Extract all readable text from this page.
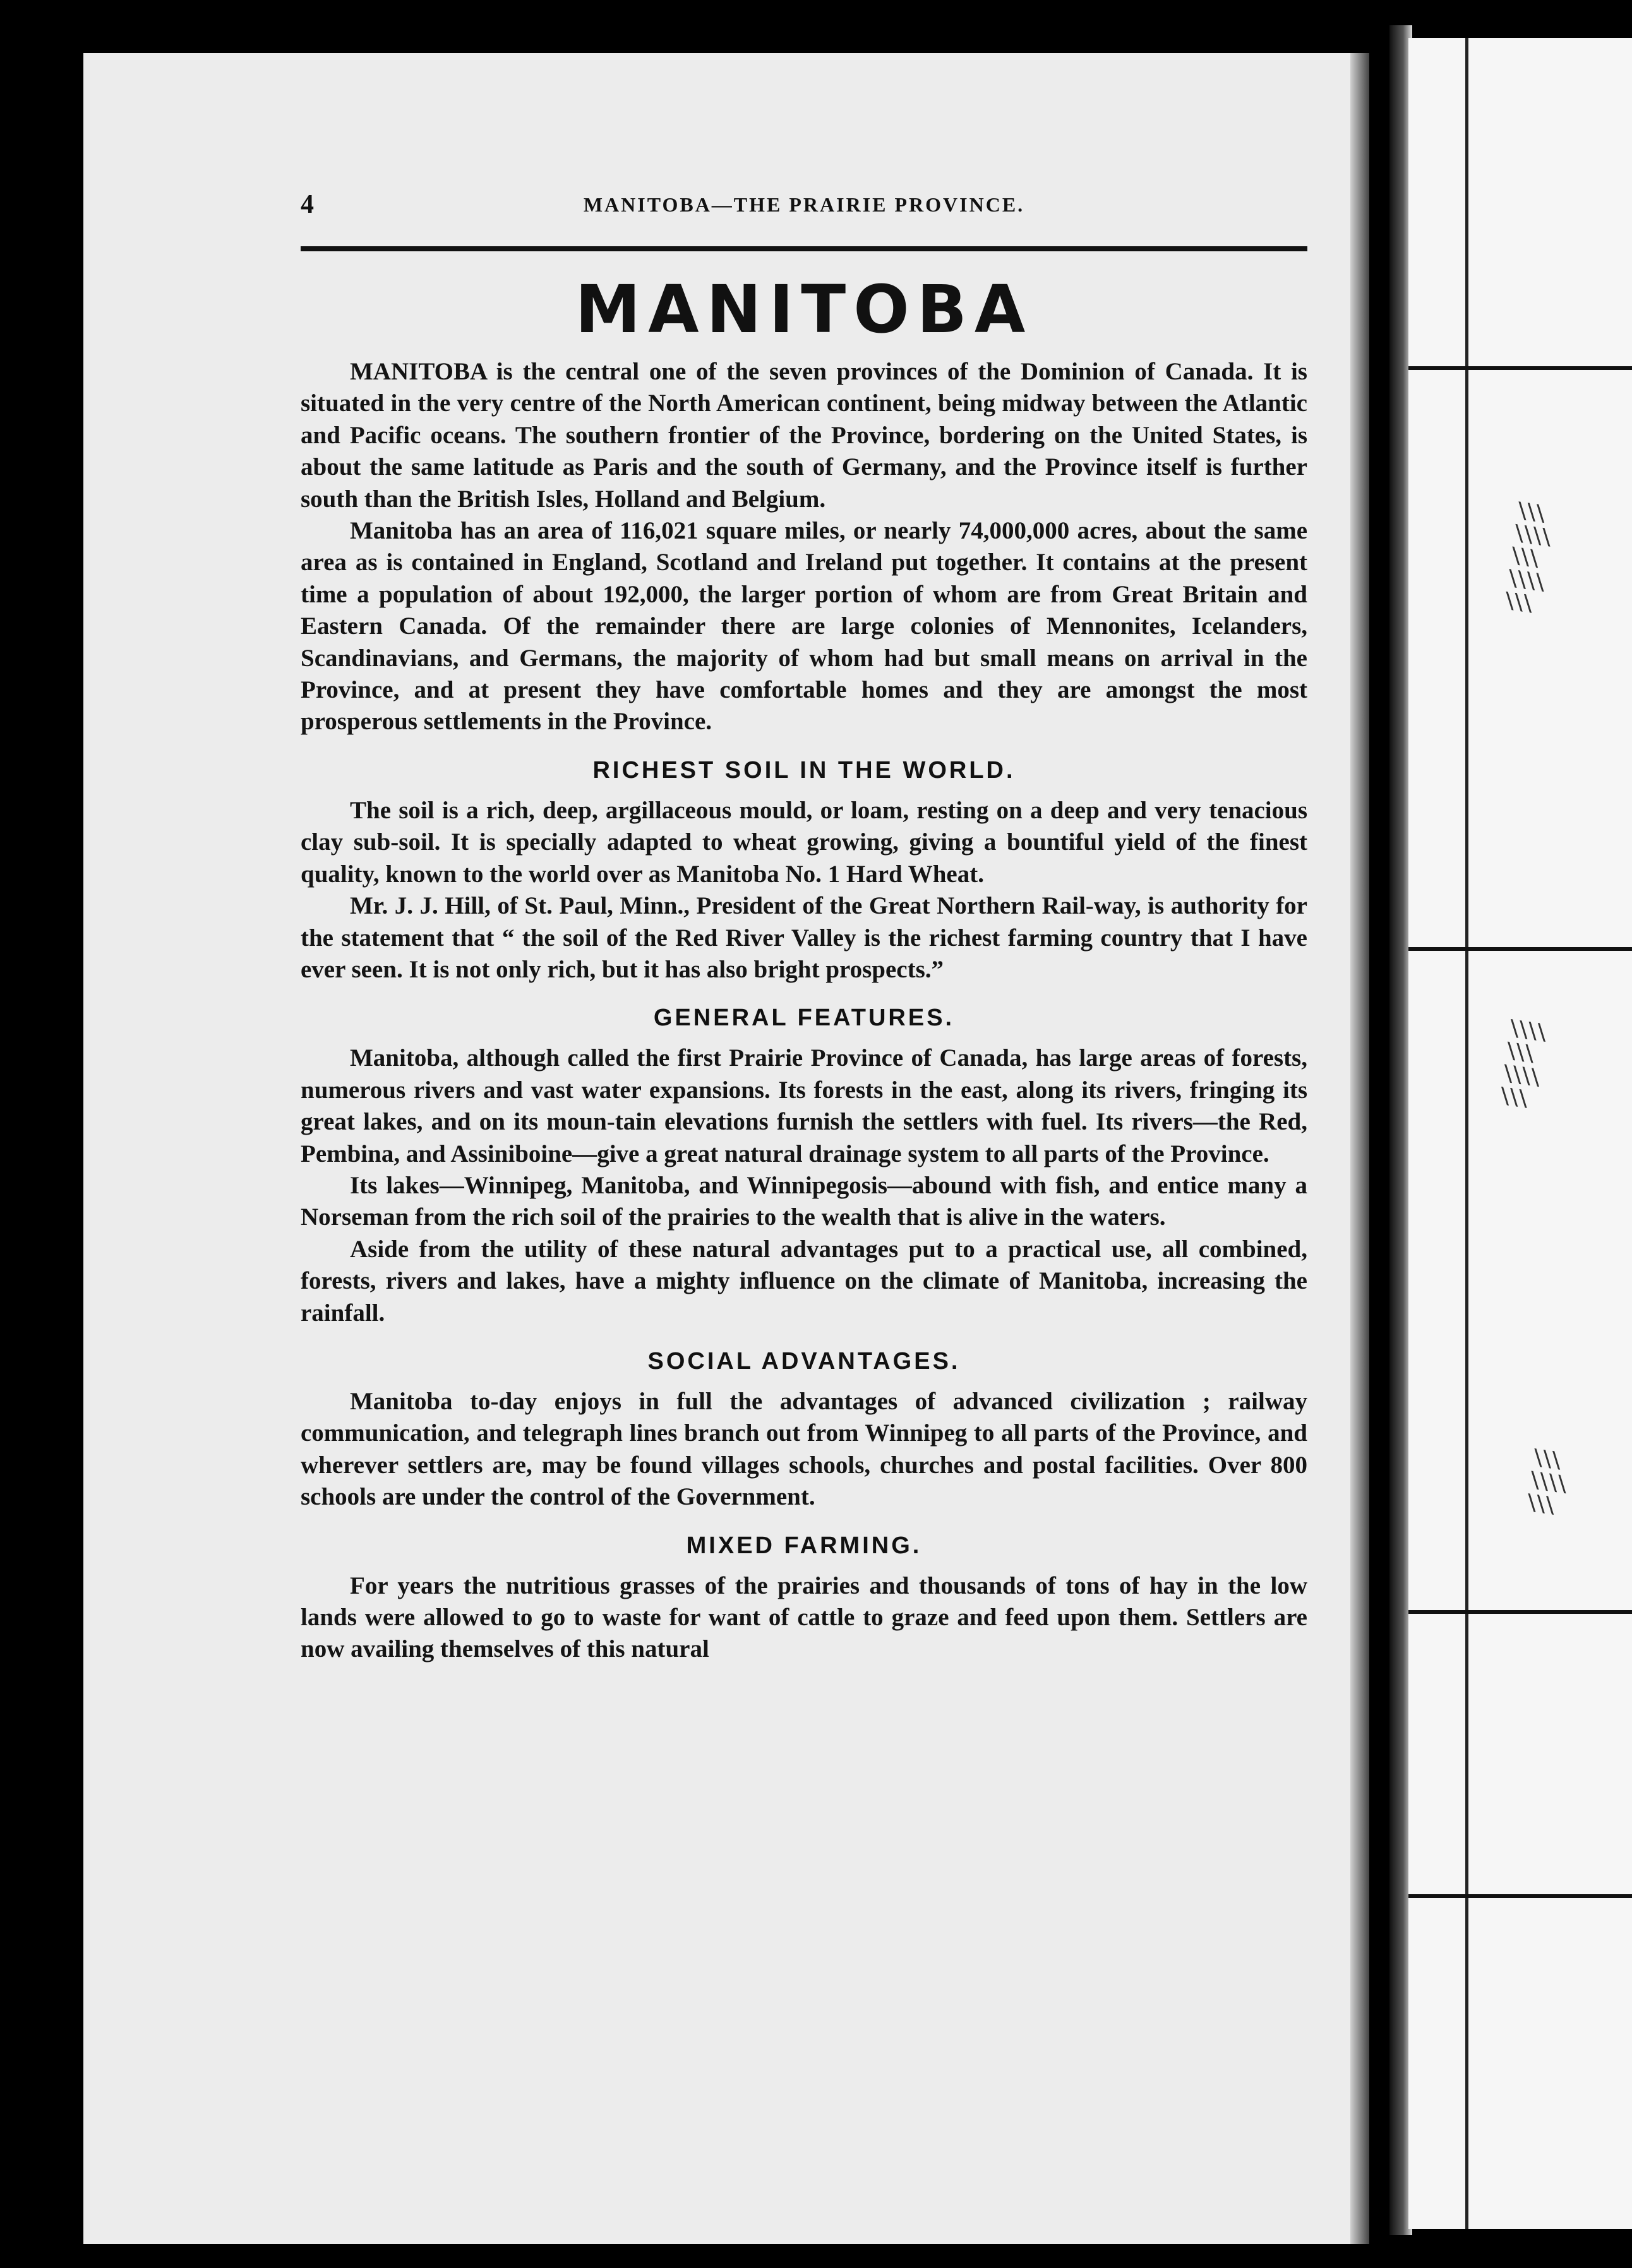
\\\
\\\\
\\\
\\\\
\\\
\\\\
\\\
\\\\
\\\
\\\
\\\\
\\\
4	MANITOBA—THE PRAIRIE PROVINCE.
MANITOBA

MANITOBA is the central one of the seven provinces of the Dominion of Canada. It is situated in the very centre of the North American continent, being midway between the Atlantic and Pacific oceans. The southern frontier of the Province, bordering on the United States, is about the same latitude as Paris and the south of Germany, and the Province itself is further south than the British Isles, Holland and Belgium.

Manitoba has an area of 116,021 square miles, or nearly 74,000,000 acres, about the same area as is contained in England, Scotland and Ireland put together. It contains at the present time a population of about 192,000, the larger portion of whom are from Great Britain and Eastern Canada. Of the remainder there are large colonies of Mennonites, Icelanders, Scandinavians, and Germans, the majority of whom had but small means on arrival in the Province, and at present they have comfortable homes and they are amongst the most prosperous settlements in the Province.

RICHEST SOIL IN THE WORLD.

The soil is a rich, deep, argillaceous mould, or loam, resting on a deep and very tenacious clay sub-soil. It is specially adapted to wheat growing, giving a bountiful yield of the finest quality, known to the world over as Manitoba No. 1 Hard Wheat.

Mr. J. J. Hill, of St. Paul, Minn., President of the Great Northern Rail-way, is authority for the statement that “ the soil of the Red River Valley is the richest farming country that I have ever seen. It is not only rich, but it has also bright prospects.”

GENERAL FEATURES.

Manitoba, although called the first Prairie Province of Canada, has large areas of forests, numerous rivers and vast water expansions. Its forests in the east, along its rivers, fringing its great lakes, and on its moun-tain elevations furnish the settlers with fuel. Its rivers—the Red, Pembina, and Assiniboine—give a great natural drainage system to all parts of the Province.

Its lakes—Winnipeg, Manitoba, and Winnipegosis—abound with fish, and entice many a Norseman from the rich soil of the prairies to the wealth that is alive in the waters.

Aside from the utility of these natural advantages put to a practical use, all combined, forests, rivers and lakes, have a mighty influence on the climate of Manitoba, increasing the rainfall.

SOCIAL ADVANTAGES.

Manitoba to-day enjoys in full the advantages of advanced civilization ; railway communication, and telegraph lines branch out from Winnipeg to all parts of the Province, and wherever settlers are, may be found villages schools, churches and postal facilities. Over 800 schools are under the control of the Government.

MIXED FARMING.

For years the nutritious grasses of the prairies and thousands of tons of hay in the low lands were allowed to go to waste for want of cattle to graze and feed upon them. Settlers are now availing themselves of this natural
